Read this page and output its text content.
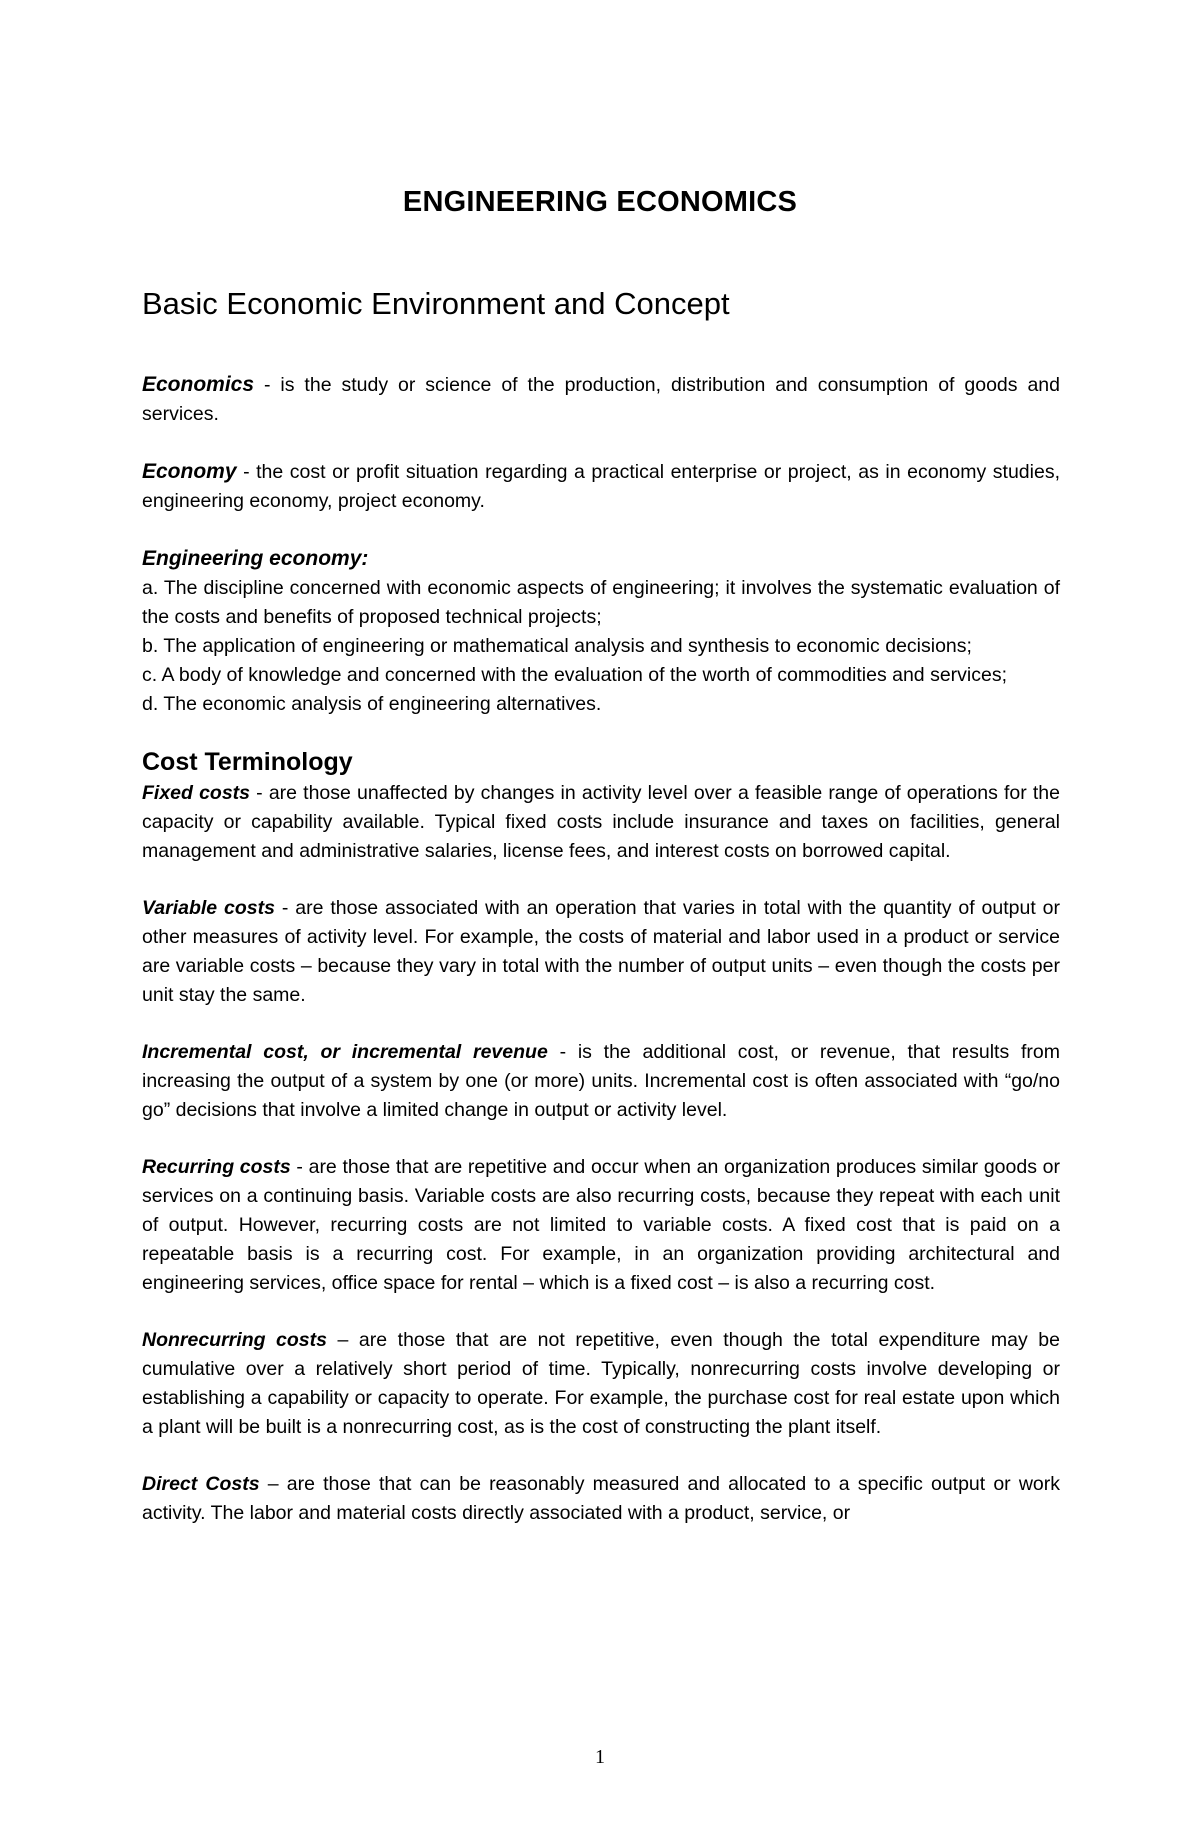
ENGINEERING ECONOMICS
Basic Economic Environment and Concept

Economics - is the study or science of the production, distribution and consumption of goods and services.

Economy - the cost or profit situation regarding a practical enterprise or project, as in economy studies, engineering economy, project economy.

Engineering economy:

a. The discipline concerned with economic aspects of engineering; it involves the systematic evaluation of the costs and benefits of proposed technical projects;

b. The application of engineering or mathematical analysis and synthesis to economic decisions;

c. A body of knowledge and concerned with the evaluation of the worth of commodities and services;

d. The economic analysis of engineering alternatives.

Cost Terminology

Fixed costs - are those unaffected by changes in activity level over a feasible range of operations for the capacity or capability available. Typical fixed costs include insurance and taxes on facilities, general management and administrative salaries, license fees, and interest costs on borrowed capital.

Variable costs - are those associated with an operation that varies in total with the quantity of output or other measures of activity level. For example, the costs of material and labor used in a product or service are variable costs – because they vary in total with the number of output units – even though the costs per unit stay the same.

Incremental cost, or incremental revenue - is the additional cost, or revenue, that results from increasing the output of a system by one (or more) units. Incremental cost is often associated with “go/no go” decisions that involve a limited change in output or activity level.

Recurring costs - are those that are repetitive and occur when an organization produces similar goods or services on a continuing basis. Variable costs are also recurring costs, because they repeat with each unit of output. However, recurring costs are not limited to variable costs. A fixed cost that is paid on a repeatable basis is a recurring cost. For example, in an organization providing architectural and engineering services, office space for rental – which is a fixed cost – is also a recurring cost.

Nonrecurring costs – are those that are not repetitive, even though the total expenditure may be cumulative over a relatively short period of time. Typically, nonrecurring costs involve developing or establishing a capability or capacity to operate. For example, the purchase cost for real estate upon which a plant will be built is a nonrecurring cost, as is the cost of constructing the plant itself.

Direct Costs – are those that can be reasonably measured and allocated to a specific output or work activity. The labor and material costs directly associated with a product, service, or

1
